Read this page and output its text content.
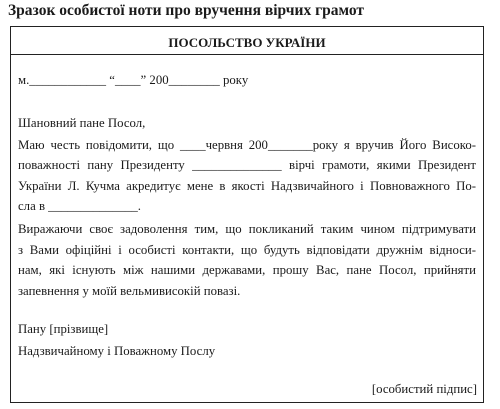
Зразок особистої ноти про вручення вірчих грамот
ПОСОЛЬСТВО УКРАЇНИ
м.____________ “____” 200________ року
Шановний пане Посол,
Маю честь повідомити, що ____червня 200_______року я вручив Його Високо-
поважності пану Президенту ______________ вірчі грамоти, якими Президент
України Л. Кучма акредитує мене в якості Надзвичайного і Повноважного По-
сла в ______________.
Виражаючи своє задоволення тим, що покликаний таким чином підтримувати
з Вами офіційні і особисті контакти, що будуть відповідати дружнім відноси-
нам, які існують між нашими державами, прошу Вас, пане Посол, прийняти
запевнення у моїй вельмивисокій повазі.
Пану [прізвище]
Надзвичайному і Поважному Послу
[особистий підпис]
